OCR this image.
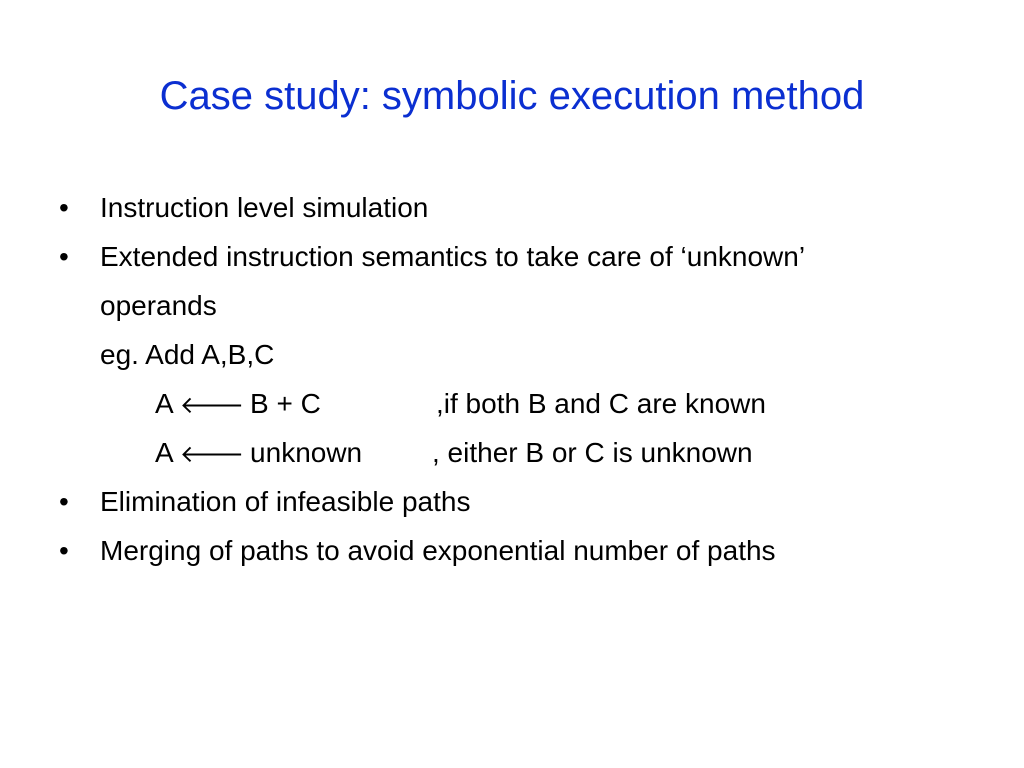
Case study: symbolic execution method
• Instruction level simulation
• Extended instruction semantics to take care of ‘unknown’
operands
eg. Add A,B,C
A 🡐 B + C	,if both B and C are known
A 🡐 unknown , either B or C is unknown
• Elimination of infeasible paths
• Merging of paths to avoid exponential number of paths
